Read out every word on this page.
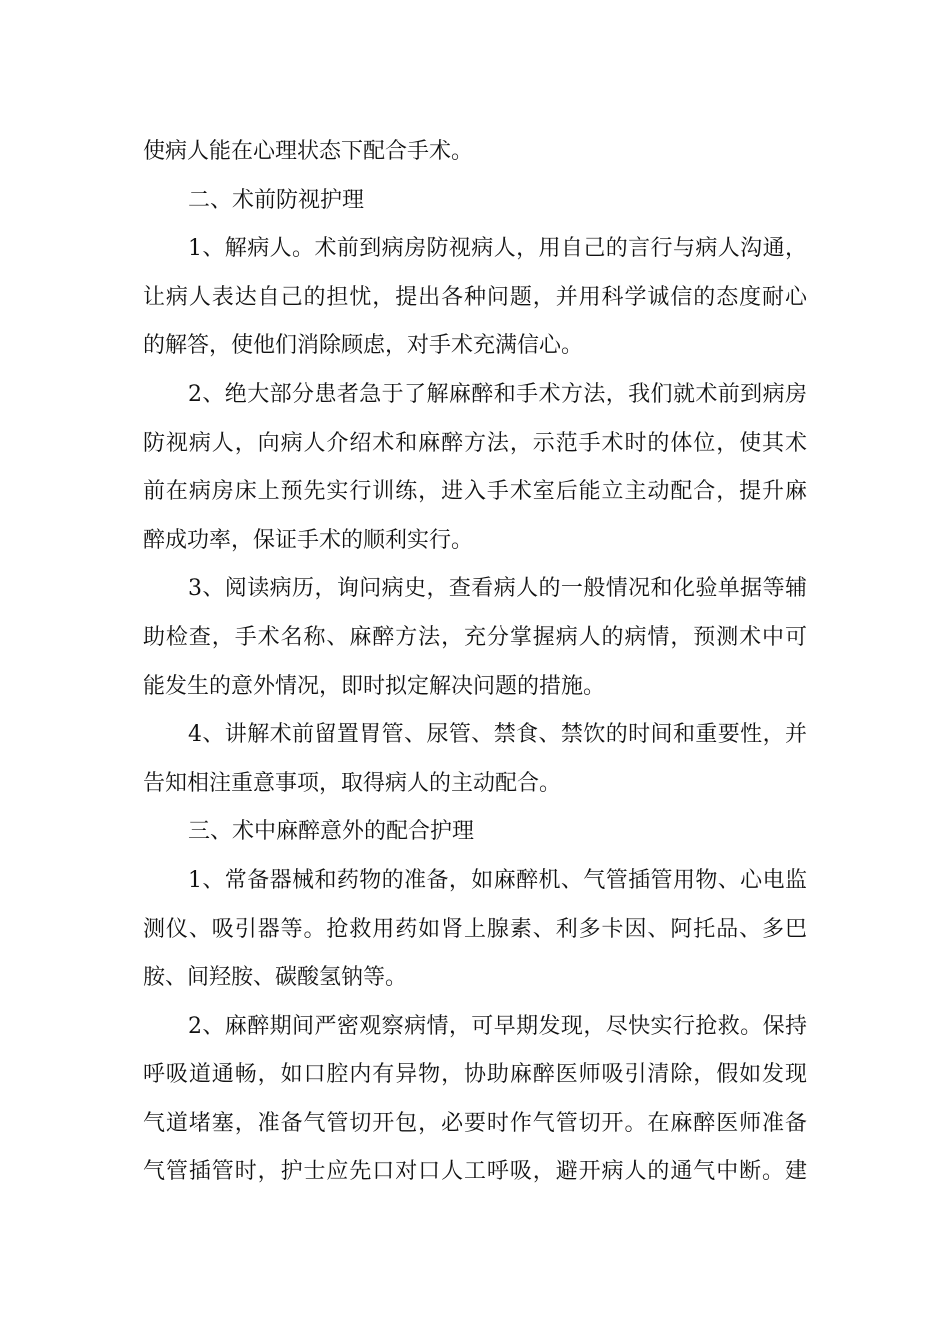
使病人能在心理状态下配合手术。
二、术前防视护理
1、解病人。术前到病房防视病人，用自己的言行与病人沟通，
让病人表达自己的担忧，提出各种问题，并用科学诚信的态度耐心
的解答，使他们消除顾虑，对手术充满信心。
2、绝大部分患者急于了解麻醉和手术方法，我们就术前到病房
防视病人，向病人介绍术和麻醉方法，示范手术时的体位，使其术
前在病房床上预先实行训练，进入手术室后能立主动配合，提升麻
醉成功率，保证手术的顺利实行。
3、阅读病历，询问病史，查看病人的一般情况和化验单据等辅
助检查，手术名称、麻醉方法，充分掌握病人的病情，预测术中可
能发生的意外情况，即时拟定解决问题的措施。
4、讲解术前留置胃管、尿管、禁食、禁饮的时间和重要性，并
告知相注重意事项，取得病人的主动配合。
三、术中麻醉意外的配合护理
1、常备器械和药物的准备，如麻醉机、气管插管用物、心电监
测仪、吸引器等。抢救用药如肾上腺素、利多卡因、阿托品、多巴
胺、间羟胺、碳酸氢钠等。
2、麻醉期间严密观察病情，可早期发现，尽快实行抢救。保持
呼吸道通畅，如口腔内有异物，协助麻醉医师吸引清除，假如发现
气道堵塞，准备气管切开包，必要时作气管切开。在麻醉医师准备
气管插管时，护士应先口对口人工呼吸，避开病人的通气中断。建
